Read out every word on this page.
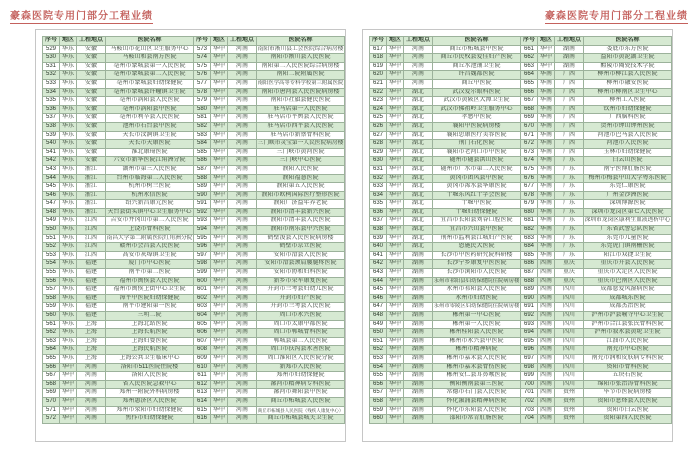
豪森医院专用门部分工程业绩	豪森医院专用门部分工程业绩
序号	地区	工程地点	医院名称	序号	地区	工程地点	医院名称
529	华东	安徽	马鞍山市花山区卫生服务中心	573	华中	河南	南阳市淅川县工会医院综合病房楼
530	华东	安徽	马鞍山和县南方医院	574	华中	河南	南阳市淅川县人民医院
531	华东	安徽	亳州市蒙城县第一人民医院	575	华中	河南	南阳第二人民医院综合病房楼
532	华东	安徽	亳州市蒙城县第二人民医院	576	华中	河南	南阳二院附属医院
533	华东	安徽	亳州市蒙城县妇幼保健院	577	华中	河南	南阳医学高等专科学校第三附属医院
534	华东	安徽	亳州市蒙城县许疃镇卫生院	578	华中	河南	南阳市唐河县人民医院病房楼
535	华东	安徽	亳州市涡阳县人民医院	579	华中	河南	南阳市社旗县健民医院
536	华东	安徽	亳州市涡阳县中医院	580	华中	河南	驻马店第一人民医院
537	华东	安徽	亳州市利辛县人民医院	581	华中	河南	驻马店市平舆县人民医院
538	华东	安徽	池州市石台县中医院	582	华中	河南	驻马店市西平县人民医院
539	华东	安徽	天长市汊涧镇卫生院	583	华中	河南	驻马店市新蔡骨科医院
540	华东	安徽	天长市天康医院	584	华中	河南	三门峡市灵宝第一人民医院病房楼
541	华东	安徽	淮北康琦医院	585	华中	河南	三门峡市黄河医院
542	华东	安徽	六安市新华医院江角洲分院	586	华中	河南	三门峡中心医院
543	华东	浙江	湖州市第三人民医院	587	华中	河南	濮阳人民医院
544	华东	浙江	台州市临海第二人民医院	588	华中	河南	濮阳福慧医院
545	华东	浙江	杭州市树兰医院	589	华中	河南	濮阳第五人民医院
546	华东	浙江	杭州永信医院	590	华中	河南	濮阳市欧柯国际医疗整形医院
547	华东	浙江	绍兴新昌康元医院	591	华中	河南	濮阳广济益年养老院
548	华东	浙江	天台县街头镇中心卫生服务中心	592	华中	河南	濮阳市清丰县新兴医院
549	华东	江西	吉安市井冈山市第二人民医院	593	华中	河南	濮阳市清丰县人民医院
550	华东	江西	上饶市骨科医院	594	华中	河南	濮阳市南乐县中兴医院
551	华东	江西	南昌大学第二附属医院红角洲分院	595	华中	河南	鹤壁浚县人民医院病房楼
552	华东	江西	赣州市会昌县人民医院	596	华中	河南	鹤壁市京立医院
553	华东	江西	高安市灰埠镇卫生院	597	华中	河南	安阳市滑县人民医院
554	华东	福建	厦门市中心医院	598	华中	河南	安阳市滑县颈肩腰腿疼医院
555	华东	福建	南平市第二医院	599	华中	河南	安阳市协和妇科医院
556	华东	福建	福州市闽侯县人民医院	600	华中	河南	新乡市荣军康复医院
557	华东	福建	福州市闽侯上街中心卫生院	601	华中	河南	开封市兰考县妇幼儿医院
558	华东	福建	漳平中医院妇幼保健院	602	华中	河南	开封市妇产医院
559	华东	福建	南平市建阳第一医院	603	华中	河南	开封市兰考县人民医院
560	华东	福建	三明二院	604	华中	河南	周口市永兴医院
561	华东	上海	上海北站医院	605	华中	河南	周口市太康中都医院
562	华东	上海	上海长航医院	606	华中	河南	周口市郸城骨科医院
563	华东	上海	上海妇婴医院	607	华中	河南	郸城县第二人民医院
564	华东	上海	上海民航医院	608	华中	河南	周口市扶沟县永善医院
565	华东	上海	上海公共卫生临床中心	609	华中	河南	周口淮阳区人民医院分院
566	华中	河南	洛阳市511医院住院楼	610	华中	河南	新郑市人民医院
567	华中	河南	洛阳人民医院	611	华中	河南	郑州市妇幼保健院
568	华中	河南	省人民医院急救中心	612	华中	河南	漯河市精神病专科医院
569	华中	河南	郑州一附院外科病房楼	613	华中	河南	漯河市舞阳县中医院
570	华中	河南	郑州惠济区人民医院	614	华中	河南	商丘市柘城县人民医院
571	华中	河南	郑州市荥阳市妇幼保健院	615	华中	河南	商丘市柘城县人民医院（残疾人康复中心）
572	华中	河南	焦作市妇幼保健院	616	华中	河南	商丘市柘城县城关卫生院
序号	地区	工程地点	医院名称	序号	地区	工程地点	医院名称
617	华中	河南	商丘市柘城县中医院	661	华中	湖南	娄底市东方医院
618	华中	河南	商丘市民权县爱佳妇产医院	662	华中	湖南	益阳市黄泥湖卫生院
619	华中	河南	商丘水池铺卫生院	663	华中	湖南	醴陵市陶瓷技术学院
620	华中	河南	许昌魏都医院	664	华南	广西	柳州市柳江县人民医院
621	华中	河南	商丘中医院	665	华南	广西	柳州市融安医院
622	华中	湖北	武汉爱尔眼科医院	666	华南	广西	柳州市柳南区卫生中心
623	华中	湖北	武汉市黄陂区大潭卫生院	667	华南	广西	柳州工人医院
624	华中	湖北	武汉市佛祖岭卫生服务中心	668	华南	广西	钦州市妇幼保健院
625	华中	湖北	孝感中医院	669	华南	广西	广西脑科医院
626	华中	湖北	襄阳中医院病房楼	670	华南	广西	贺州市钟山钟州医院
627	华中	湖北	襄阳思康医疗美容医院	671	华南	广西	河池市巴马县人民医院
628	华中	湖北	荆门石化医院	672	华南	广西	河池市人民医院
629	华中	湖北	襄阳市老河口市中医院	673	华南	广西	玉林市妇幼保健院
630	华中	湖北	随州市随县洪山医院	674	华南	广东	白云山医院
631	华中	湖北	随州市广水市第二人民医院	675	华南	广东	南宁医博肛肠医院
632	华中	湖北	黄冈市团风县中医院	676	华南	广东	梅州市梅县中山大学粤东医院
633	华中	湖北	黄冈市浠水县华康医院	677	华南	广东	东莞仁康医院
634	华中	湖北	十堰东风红十字会医院	678	华南	广东	广州金沙洲医院
635	华中	湖北	十堰中医院	679	华南	广东	深圳博源医院
636	华中	湖北	十堰妇幼保健院	680	华南	广东	深圳市龙岗区第七人民医院
637	华中	湖北	宜昌市长阳县刘谷口腔医院	681	华南	广东	深圳市龙岗区康利生血液透析中心
638	华中	湖北	宜昌市兴山县中医院	682	华南	广东	广东省武警总队医院
639	华中	湖北	荆州市监利县江城妇产医院	683	华南	广东	东莞市儿童医院
640	华中	湖北	恩施民大医院	684	华南	广东	东莞虎门镇南栅医院
641	华中	湖南	长沙市中医药研究院科研楼	685	华南	广东	阳江市双捷卫生院
642	华中	湖南	长沙宁乡康复中医医院	686	西南	重庆	重庆市开县人民医院
643	华中	湖南	长沙市浏阳市人民医院	687	西南	重庆	重庆市大足区人民医院
644	华中	湖南	永州市祁阳县妇幼保健院住院病房楼	688	西南	重庆	重庆市巴南区人民医院
645	华中	湖南	永州市祁阳县人民医院	689	西南	四川	成都慈爱风湿病医院
646	华中	湖南	永州市妇幼医院	690	西南	四川	成都城东医院
647	华中	湖南	永州市零陵区妇幼保健院住院病房楼	691	西南	四川	成都杰治医院
648	华中	湖南	郴州第一中心医院	692	西南	四川	泸州市泸县喻寺中心卫生院
649	华中	湖南	郴州第一人民医院	693	西南	四川	泸州市合江县张氏骨科医院
650	华中	湖南	郴州桂阳县人民医院	694	西南	四川	泸州市叙永县黄坭卫生院
651	华中	湖南	郴州市永兴县中医院	695	西南	四川	江油市人民医院
652	华中	湖南	郴州市精神病院	696	西南	四川	南充市中心医院
653	华中	湖南	郴州市嘉禾县人民医院	697	西南	四川	南充市润和皮肤病专科医院
654	华中	湖南	郴州市嘉禾县骨伤医院	698	西南	四川	资阳市骨科医院
655	华中	湖南	郴州安仁县耳鼻喉医院	699	西南	四川	五块石医院
656	华中	湖南	衡阳衡南县第三医院	700	西南	四川	绵阳市张治涛骨科医院
657	华中	湖南	常德市石门县人民医院	701	西南	贵州	毕节市医院病房楼
658	华中	湖南	怀化溆浦县精神病医院	702	西南	贵州	贵阳市息烽县人民医院
659	华中	湖南	怀化市东阳县人民医院	703	西南	贵州	贵阳市白云医院
660	华中	湖南	邵阳市常青肛肠医院	704	西南	贵州	贵阳第四人民医院
